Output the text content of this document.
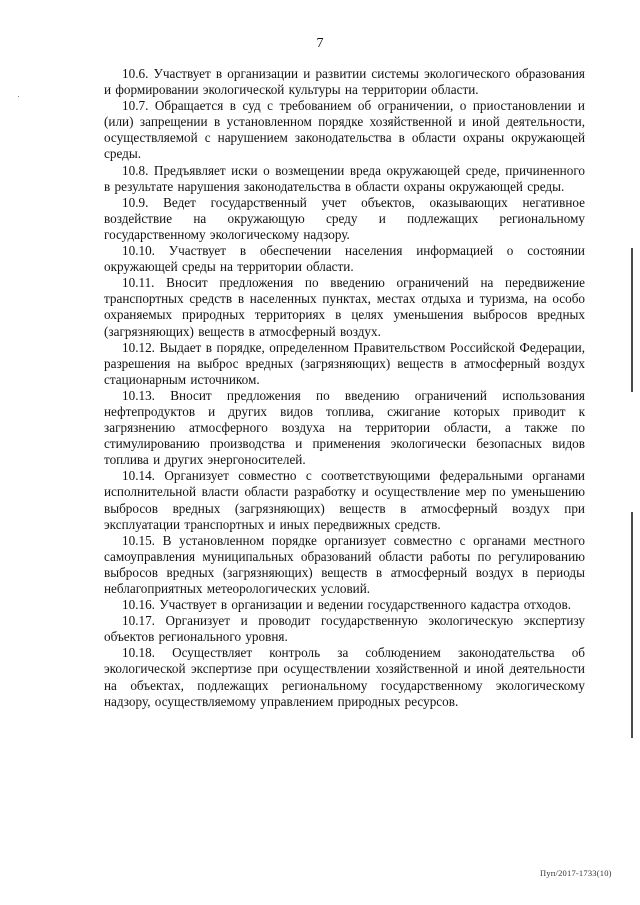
7

10.6. Участвует в организации и развитии системы экологического образования и формировании экологической культуры на территории области.

10.7. Обращается в суд с требованием об ограничении, о приостановлении и (или) запрещении в установленном порядке хозяйственной и иной деятельности, осуществляемой с нарушением законодательства в области охраны окружающей среды.

10.8. Предъявляет иски о возмещении вреда окружающей среде, причиненного в результате нарушения законодательства в области охраны окружающей среды.

10.9. Ведет государственный учет объектов, оказывающих негативное воздействие на окружающую среду и подлежащих региональному государственному экологическому надзору.

10.10. Участвует в обеспечении населения информацией о состоянии окружающей среды на территории области.

10.11. Вносит предложения по введению ограничений на передвижение транспортных средств в населенных пунктах, местах отдыха и туризма, на особо охраняемых природных территориях в целях уменьшения выбросов вредных (загрязняющих) веществ в атмосферный воздух.

10.12. Выдает в порядке, определенном Правительством Российской Федерации, разрешения на выброс вредных (загрязняющих) веществ в атмосферный воздух стационарным источником.

10.13. Вносит предложения по введению ограничений использования нефтепродуктов и других видов топлива, сжигание которых приводит к загрязнению атмосферного воздуха на территории области, а также по стимулированию производства и применения экологически безопасных видов топлива и других энергоносителей.

10.14. Организует совместно с соответствующими федеральными органами исполнительной власти области разработку и осуществление мер по уменьшению выбросов вредных (загрязняющих) веществ в атмосферный воздух при эксплуатации транспортных и иных передвижных средств.

10.15. В установленном порядке организует совместно с органами местного самоуправления муниципальных образований области работы по регулированию выбросов вредных (загрязняющих) веществ в атмосферный воздух в периоды неблагоприятных метеорологических условий.

10.16. Участвует в организации и ведении государственного кадастра отходов.

10.17. Организует и проводит государственную экологическую экспертизу объектов регионального уровня.

10.18. Осуществляет контроль за соблюдением законодательства об экологической экспертизе при осуществлении хозяйственной и иной деятельности на объектах, подлежащих региональному государственному экологическому надзору, осуществляемому управлением природных ресурсов.

Пуп/2017-1733(10)
